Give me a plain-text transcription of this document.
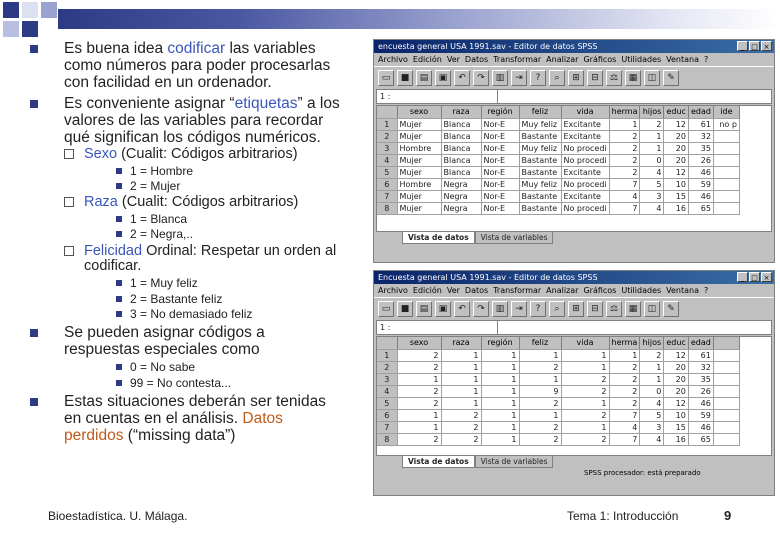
Es buena idea codificar las variables
como números para poder procesarlas
con facilidad en un ordenador.
Es conveniente asignar “etiquetas” a los
valores de las variables para recordar
qué significan los códigos numéricos.
Sexo (Cualit: Códigos arbitrarios)
1 = Hombre
2 = Mujer
Raza (Cualit: Códigos arbitrarios)
1 = Blanca
2 = Negra,..
Felicidad Ordinal: Respetar un orden al
codificar.
1 = Muy feliz
2 = Bastante feliz
3 = No demasiado feliz
Se pueden asignar códigos a
respuestas especiales como
0 = No sabe
99 = No contesta...
Estas situaciones deberán ser tenidas
en cuentas en el análisis. Datos
perdidos (“missing data”)
encuesta general USA 1991.sav - Editor de datos SPSS	_ □ ×
Archivo Edición Ver Datos Transformar Analizar Gráficos Utilidades Ventana ?
▭	■	▤	▣	↶	↷	▥	⇥	?	⌕	⊞	⊟	⚖	▦	◫	✎
1 :
	sexo	raza	región	feliz	vida	herma	hijos	educ	edad	ide
1	Mujer	Blanca	Nor-E	Muy feliz	Excitante	1	2	12	61	no p
2	Mujer	Blanca	Nor-E	Bastante	Excitante	2	1	20	32	
3	Hombre	Blanca	Nor-E	Muy feliz	No procedi	2	1	20	35	
4	Mujer	Blanca	Nor-E	Bastante	No procedi	2	0	20	26	
5	Mujer	Blanca	Nor-E	Bastante	Excitante	2	4	12	46	
6	Hombre	Negra	Nor-E	Muy feliz	No procedi	7	5	10	59	
7	Mujer	Negra	Nor-E	Bastante	Excitante	4	3	15	46	
8	Mujer	Negra	Nor-E	Bastante	No procedi	7	4	16	65	
Vista de datos	Vista de variables
Encuesta general USA 1991.sav - Editor de datos SPSS	_ □ ×
Archivo Edición Ver Datos Transformar Analizar Gráficos Utilidades Ventana ?
▭	■	▤	▣	↶	↷	▥	⇥	?	⌕	⊞	⊟	⚖	▦	◫	✎
1 :
	sexo	raza	región	feliz	vida	herma	hijos	educ	edad	
1	2	1	1	1	1	1	2	12	61	
2	2	1	1	2	1	2	1	20	32	
3	1	1	1	1	2	2	1	20	35	
4	2	1	1	9	2	2	0	20	26	
5	2	1	1	2	1	2	4	12	46	
6	1	2	1	1	2	7	5	10	59	
7	1	2	1	2	1	4	3	15	46	
8	2	2	1	2	2	7	4	16	65	
Vista de datos	Vista de variables
SPSS procesador: está preparado
Bioestadística. U. Málaga.	Tema 1: Introducción	9
